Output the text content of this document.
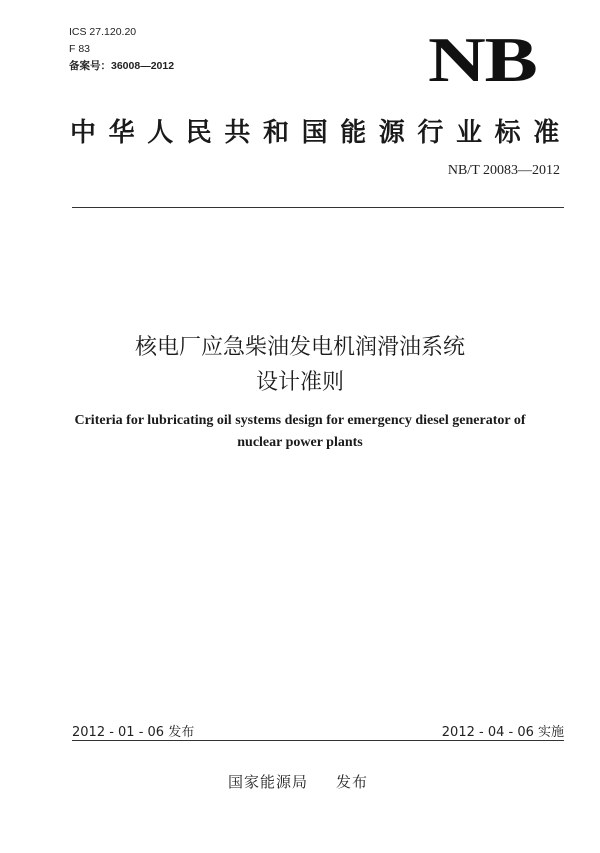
ICS 27.120.20
F 83
备案号：36008—2012	NB
中华人民共和国能源行业标准
NB/T 20083—2012
核电厂应急柴油发电机润滑油系统
设计准则
Criteria for lubricating oil systems design for emergency diesel generator of
nuclear power plants
2012 - 01 - 06 发布	2012 - 04 - 06 实施
国家能源局 发布
